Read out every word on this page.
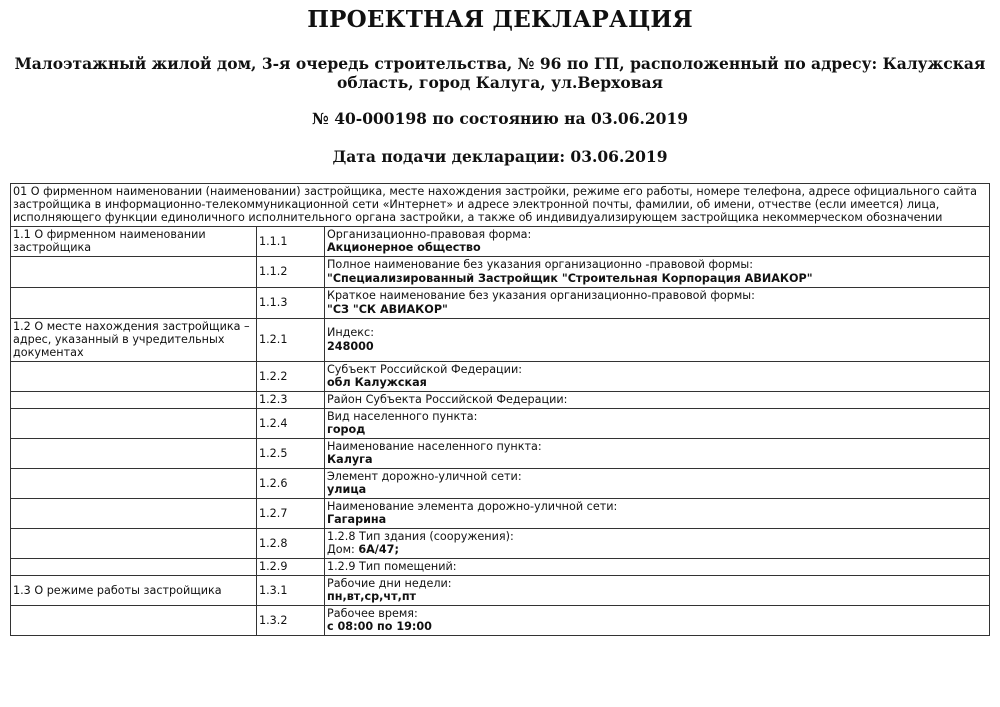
ПРОЕКТНАЯ ДЕКЛАРАЦИЯ
Малоэтажный жилой дом, 3-я очередь строительства, № 96 по ГП, расположенный по адресу: Калужская область, город Калуга, ул.Верховая
№ 40-000198 по состоянию на 03.06.2019
Дата подачи декларации: 03.06.2019
01 О фирменном наименовании (наименовании) застройщика, месте нахождения застройки, режиме его работы, номере телефона, адресе официального сайта застройщика в информационно-телекоммуникационной сети «Интернет» и адресе электронной почты, фамилии, об имени, отчестве (если имеется) лица, исполняющего функции единоличного исполнительного органа застройки, а также об индивидуализирующем застройщика некоммерческом обозначении		
1.1 О фирменном наименовании застройщика	1.1.1	Организационно-правовая форма:
Акционерное общество

	1.1.2	Полное наименование без указания организационно -правовой формы:
"Специализированный Застройщик "Строительная Корпорация АВИАКОР"

	1.1.3	Краткое наименование без указания организационно-правовой формы:
"СЗ "СК АВИАКОР"

1.2 О месте нахождения застройщика – адрес, указанный в учредительных документах	1.2.1	Индекс:
248000

	1.2.2	Субъект Российской Федерации:
обл Калужская

	1.2.3	Район Субъекта Российской Федерации:

	1.2.4	Вид населенного пункта:
город

	1.2.5	Наименование населенного пункта:
Калуга

	1.2.6	Элемент дорожно-уличной сети:
улица

	1.2.7	Наименование элемента дорожно-уличной сети:
Гагарина

	1.2.8	1.2.8 Тип здания (сооружения):
Дом: 6А/47;

	1.2.9	1.2.9 Тип помещений:

1.3 О режиме работы застройщика	1.3.1	Рабочие дни недели:
пн,вт,ср,чт,пт

	1.3.2	Рабочее время:
с 08:00 по 19:00
